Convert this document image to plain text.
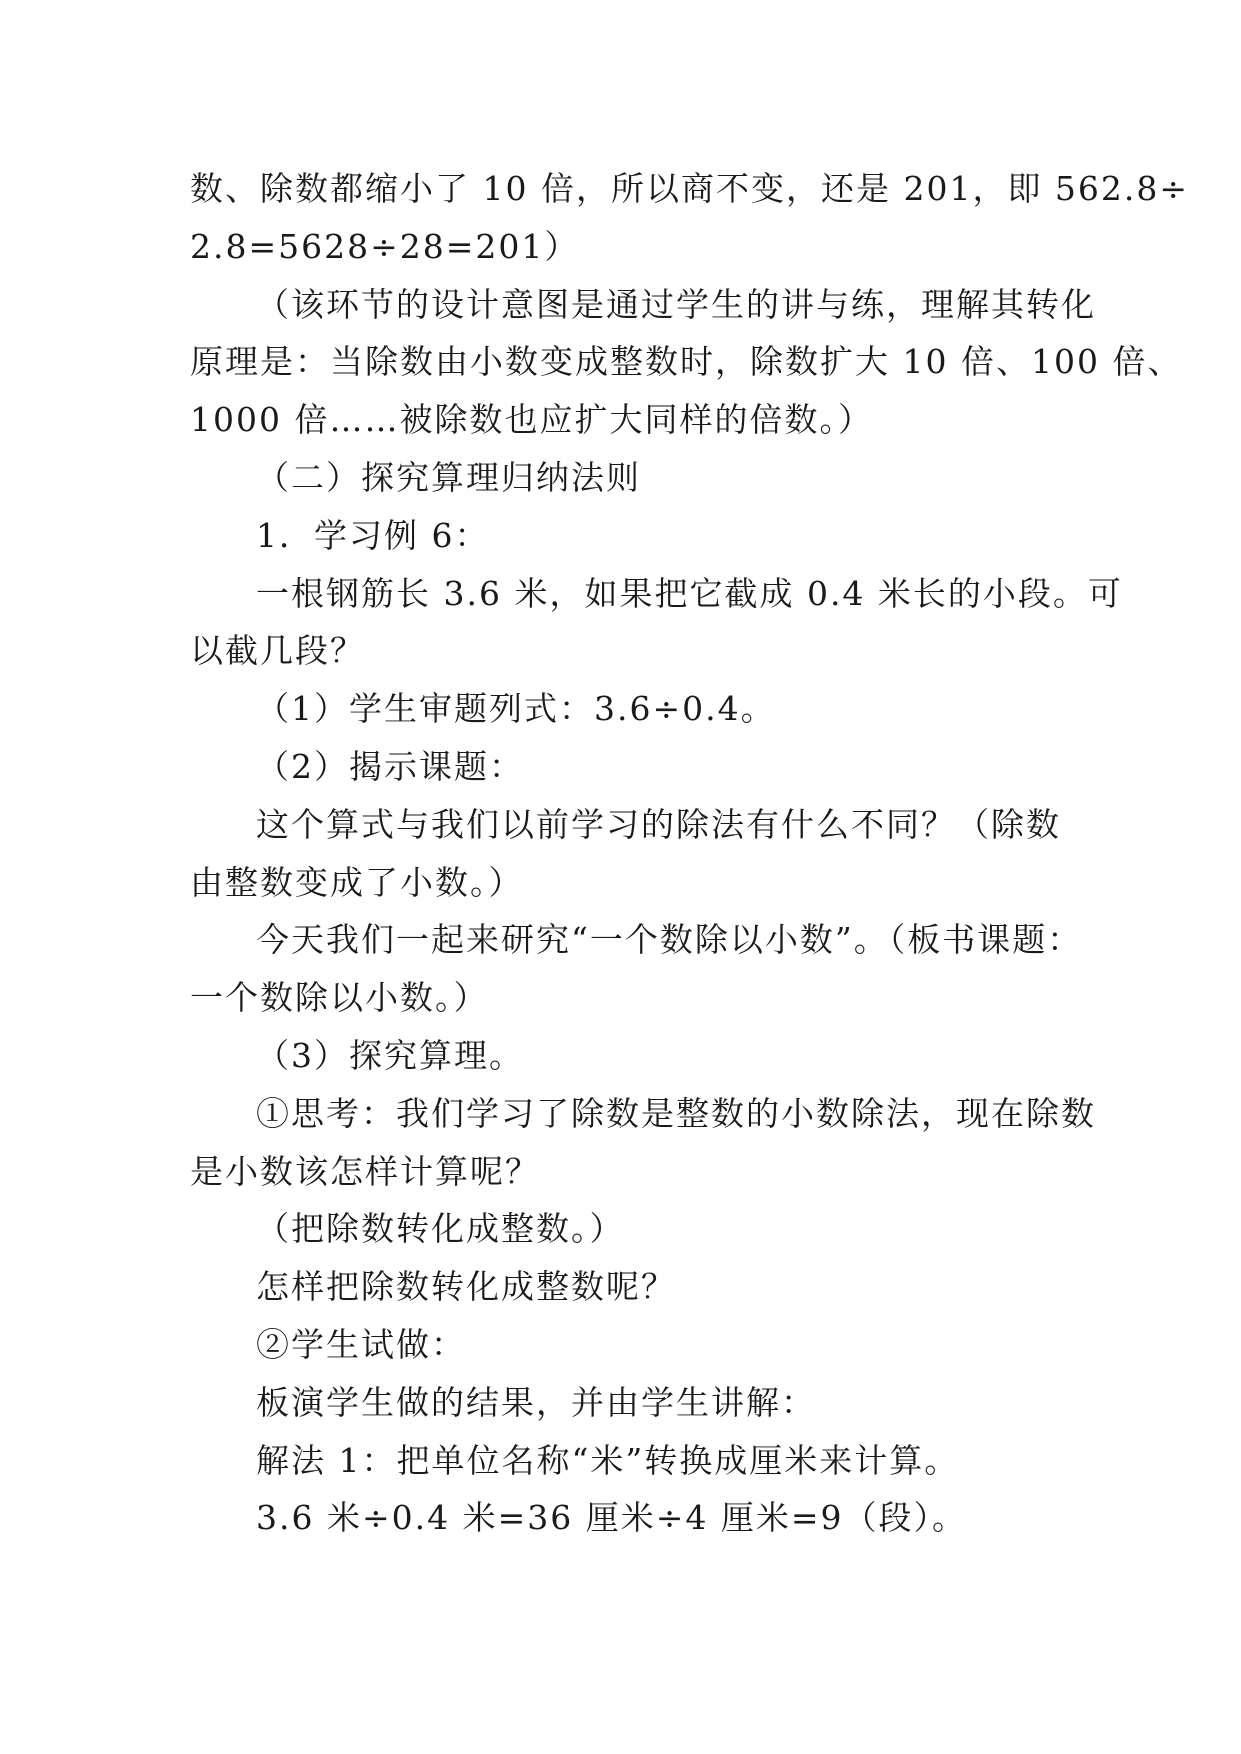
数、除数都缩小了 10 倍，所以商不变，还是 201，即 562.8÷
2.8=5628÷28=201）
（该环节的设计意图是通过学生的讲与练，理解其转化
原理是：当除数由小数变成整数时，除数扩大 10 倍、100 倍、
1000 倍……被除数也应扩大同样的倍数。）
（二）探究算理归纳法则
1．学习例 6：
一根钢筋长 3.6 米，如果把它截成 0.4 米长的小段。可
以截几段？
（1）学生审题列式：3.6÷0.4。
（2）揭示课题：
这个算式与我们以前学习的除法有什么不同？（除数
由整数变成了小数。）
今天我们一起来研究“一个数除以小数”。（板书课题：
一个数除以小数。）
（3）探究算理。
①思考：我们学习了除数是整数的小数除法，现在除数
是小数该怎样计算呢？
（把除数转化成整数。）
怎样把除数转化成整数呢？
②学生试做：
板演学生做的结果，并由学生讲解：
解法 1：把单位名称“米”转换成厘米来计算。
3.6 米÷0.4 米=36 厘米÷4 厘米=9（段）。
